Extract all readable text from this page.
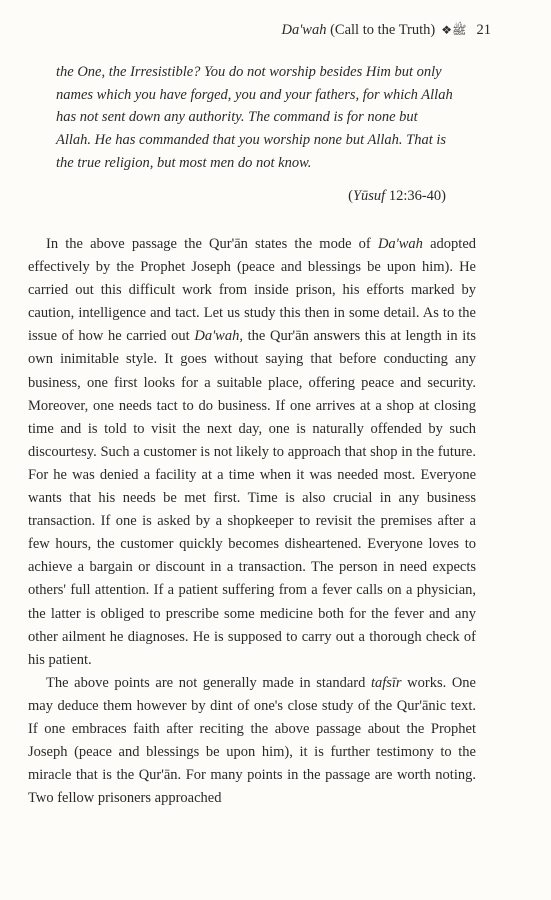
Da'wah (Call to the Truth) ❖ﷺ 21

the One, the Irresistible? You do not worship besides Him but only names which you have forged, you and your fathers, for which Allah has not sent down any authority. The command is for none but Allah. He has commanded that you worship none but Allah. That is the true religion, but most men do not know.

(Yūsuf 12:36-40)

In the above passage the Qur'ān states the mode of Da'wah adopted effectively by the Prophet Joseph (peace and blessings be upon him). He carried out this difficult work from inside prison, his efforts marked by caution, intelligence and tact. Let us study this then in some detail. As to the issue of how he carried out Da'wah, the Qur'ān answers this at length in its own inimitable style. It goes without saying that before conducting any business, one first looks for a suitable place, offering peace and security. Moreover, one needs tact to do business. If one arrives at a shop at closing time and is told to visit the next day, one is naturally offended by such discourtesy. Such a customer is not likely to approach that shop in the future. For he was denied a facility at a time when it was needed most. Everyone wants that his needs be met first. Time is also crucial in any business transaction. If one is asked by a shopkeeper to revisit the premises after a few hours, the customer quickly becomes disheartened. Everyone loves to achieve a bargain or discount in a transaction. The person in need expects others' full attention. If a patient suffering from a fever calls on a physician, the latter is obliged to prescribe some medicine both for the fever and any other ailment he diagnoses. He is supposed to carry out a thorough check of his patient.

The above points are not generally made in standard tafsīr works. One may deduce them however by dint of one's close study of the Qur'ānic text. If one embraces faith after reciting the above passage about the Prophet Joseph (peace and blessings be upon him), it is further testimony to the miracle that is the Qur'ān. For many points in the passage are worth noting. Two fellow prisoners approached
